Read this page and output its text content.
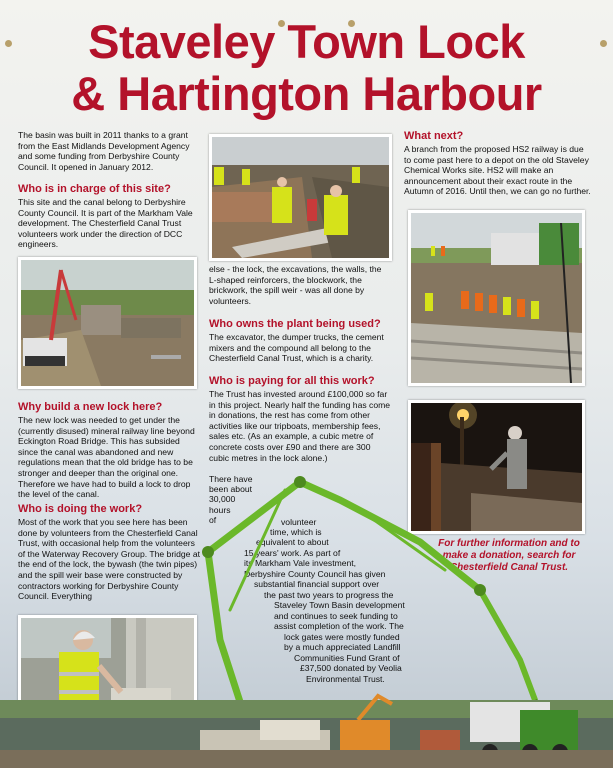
Staveley Town Lock
& Hartington Harbour

The basin was built in 2011 thanks to a grant from the East Midlands Development Agency and some funding from Derbyshire County Council. It opened in January 2012.

Who is in charge of this site?

This site and the canal belong to Derbyshire County Council. It is part of the Markham Vale development. The Chesterfield Canal Trust volunteers work under the direction of DCC engineers.

Why build a new lock here?

The new lock was needed to get under the (currently disused) mineral railway line beyond Eckington Road Bridge. This has subsided since the canal was abandoned and new regulations mean that the old bridge has to be stronger and deeper than the original one. Therefore we have had to build a lock to drop the level of the canal.

Who is doing the work?

Most of the work that you see here has been done by volunteers from the Chesterfield Canal Trust, with occasional help from the volunteers of the Waterway Recovery Group. The bridge at the end of the lock, the bywash (the twin pipes) and the spill weir base were constructed by contractors working for Derbyshire County Council. Everything

else - the lock, the excavations, the walls, the L-shaped reinforcers, the blockwork, the brickwork, the spill weir - was all done by volunteers.

Who owns the plant being used?

The excavator, the dumper trucks, the cement mixers and the compound all belong to the Chesterfield Canal Trust, which is a charity.

Who is paying for all this work?

The Trust has invested around £100,000 so far in this project. Nearly half the funding has come in donations, the rest has come from other activities like our tripboats, membership fees, sales etc. (As an example, a cubic metre of concrete costs over £90 and there are 300 cubic metres in the lock alone.)

There have

been about

30,000

hours

of	volunteer

time, which is

equivalent to about

15 years' work. As part of

its Markham Vale investment,

Derbyshire County Council has given

substantial financial support over

the past two years to progress the

Staveley Town Basin development

and continues to seek funding to

assist completion of the work. The

lock gates were mostly funded

by a much appreciated Landfill

Communities Fund Grant of

£37,500 donated by Veolia

Environmental Trust.

What next?

A branch from the proposed HS2 railway is due to come past here to a depot on the old Staveley Chemical Works site. HS2 will make an announcement about their exact route in the Autumn of 2016. Until then, we can go no further.

For further information and to make a donation, search for Chesterfield Canal Trust.
